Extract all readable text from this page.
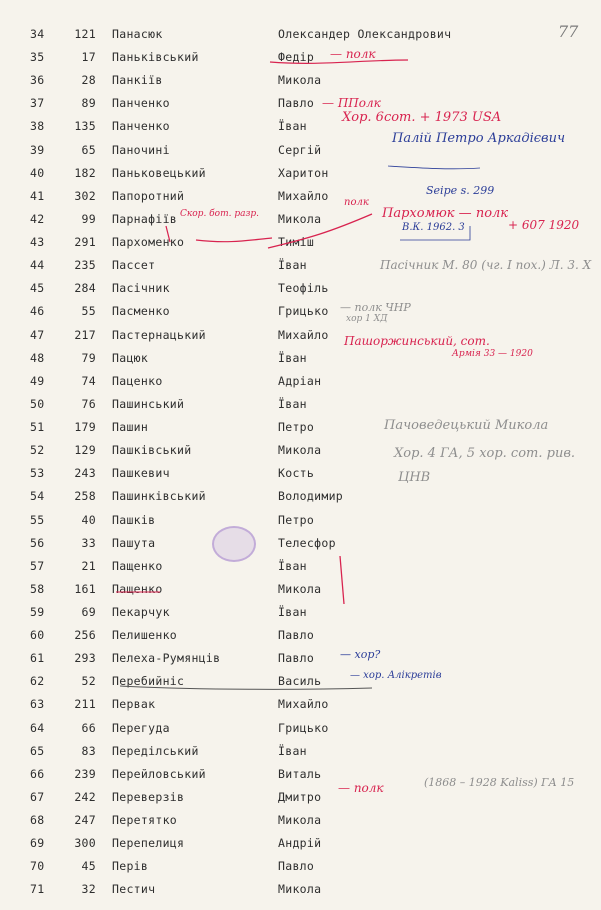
77
34	121 Панасюк	Олександер Олександрович
35	17 Паньківський	Федір
36	28 Панкіїв	Микола
37	89 Панченко	Павло
38	135 Панченко	Їван
39	65 Паночині	Сергій
40	182 Паньковецький	Харитон
41	302 Папоротний	Михайло
42	99 Парнафіїв	Микола
43	291 Пархоменко	Тиміш
44	235 Пассет	Їван
45	284 Пасічник	Теофіль
46	55 Пасменко	Грицько
47	217 Пастернацький	Михайло
48	79 Пацюк	Їван
49	74 Паценко	Адріан
50	76 Пашинський	Їван
51	179 Пашин	Петро
52	129 Пашківський	Микола
53	243 Пашкевич	Кость
54	258 Пашинківський	Володимир
55	40 Пашків	Петро
56	33 Пашута	Телесфор
57	21 Пащенко	Їван
58	161 Пащенко	Микола
59	69 Пекарчук	Їван
60	256 Пелишенко	Павло
61	293 Пелеха-Румянців	Павло
62	52 Перебийніс	Василь
63	211 Первак	Михайло
64	66 Перегуда	Грицько
65	83 Переділський	Їван
66	239 Перейловський	Виталь
67	242 Переверзів	Дмитро
68	247 Перетятко	Микола
69	300 Перепелиця	Андрій
70	45 Перів	Павло
71	32 Пестич	Микола
— полк
— ППолк
Хор. 6сот. + 1973 USA
Палій Петро Аркадієвич
Seipe s. 299
Скор. бот. разр.
полк
Пархомюк — полк
В.К. 1962. 3	+ 607 1920
Пасічник М. 80 (чг. І пох.) Л. 3. X
— полк ЧНР
хор 1 ХД
Пашоржинський, сот.
Армія 33 — 1920
Пачоведецький Микола
Хор. 4 ГА, 5 хор. сот. рив.
ЦНВ
— хор?
— хор. Алікретів
— полк	(1868 – 1928 Kaliss) ГА 15
